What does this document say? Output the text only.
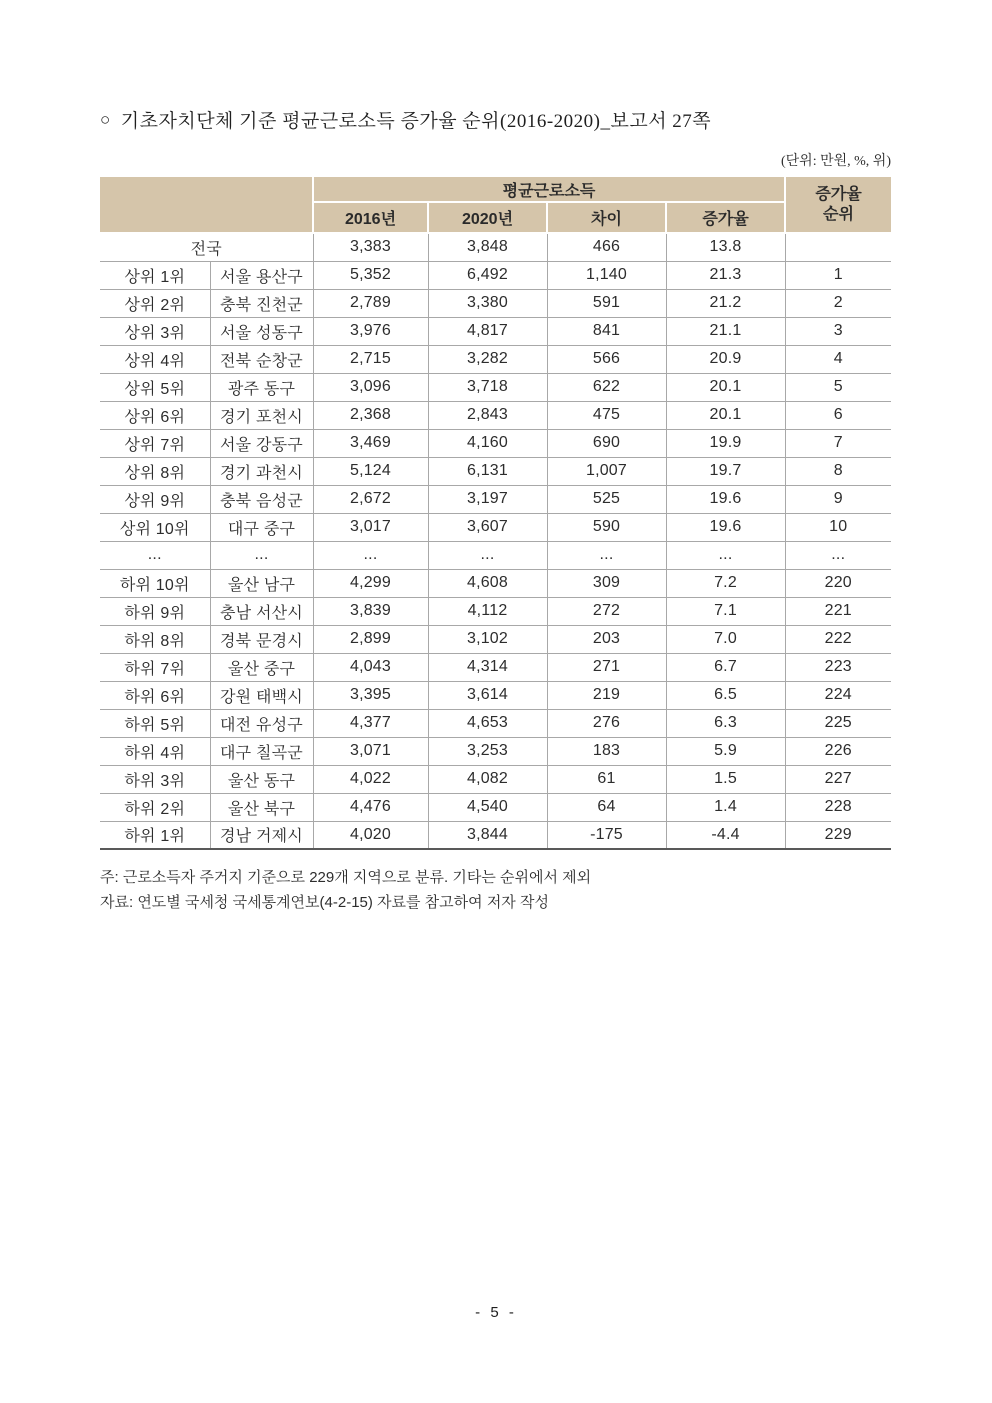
○ 기초자치단체 기준 평균근로소득 증가율 순위(2016-2020)_보고서 27쪽
(단위: 만원, %, 위)
		평균근로소득				증가율
순위
		2016년	2020년	차이	증가율	
전국		3,383	3,848	466	13.8	
상위 1위	서울 용산구	5,352	6,492	1,140	21.3	1
상위 2위	충북 진천군	2,789	3,380	591	21.2	2
상위 3위	서울 성동구	3,976	4,817	841	21.1	3
상위 4위	전북 순창군	2,715	3,282	566	20.9	4
상위 5위	광주 동구	3,096	3,718	622	20.1	5
상위 6위	경기 포천시	2,368	2,843	475	20.1	6
상위 7위	서울 강동구	3,469	4,160	690	19.9	7
상위 8위	경기 과천시	5,124	6,131	1,007	19.7	8
상위 9위	충북 음성군	2,672	3,197	525	19.6	9
상위 10위	대구 중구	3,017	3,607	590	19.6	10
...	...	...	...	...	...	...
하위 10위	울산 남구	4,299	4,608	309	7.2	220
하위 9위	충남 서산시	3,839	4,112	272	7.1	221
하위 8위	경북 문경시	2,899	3,102	203	7.0	222
하위 7위	울산 중구	4,043	4,314	271	6.7	223
하위 6위	강원 태백시	3,395	3,614	219	6.5	224
하위 5위	대전 유성구	4,377	4,653	276	6.3	225
하위 4위	대구 칠곡군	3,071	3,253	183	5.9	226
하위 3위	울산 동구	4,022	4,082	61	1.5	227
하위 2위	울산 북구	4,476	4,540	64	1.4	228
하위 1위	경남 거제시	4,020	3,844	-175	-4.4	229
주: 근로소득자 주거지 기준으로 229개 지역으로 분류. 기타는 순위에서 제외
자료: 연도별 국세청 국세통계연보(4-2-15) 자료를 참고하여 저자 작성
- 5 -
